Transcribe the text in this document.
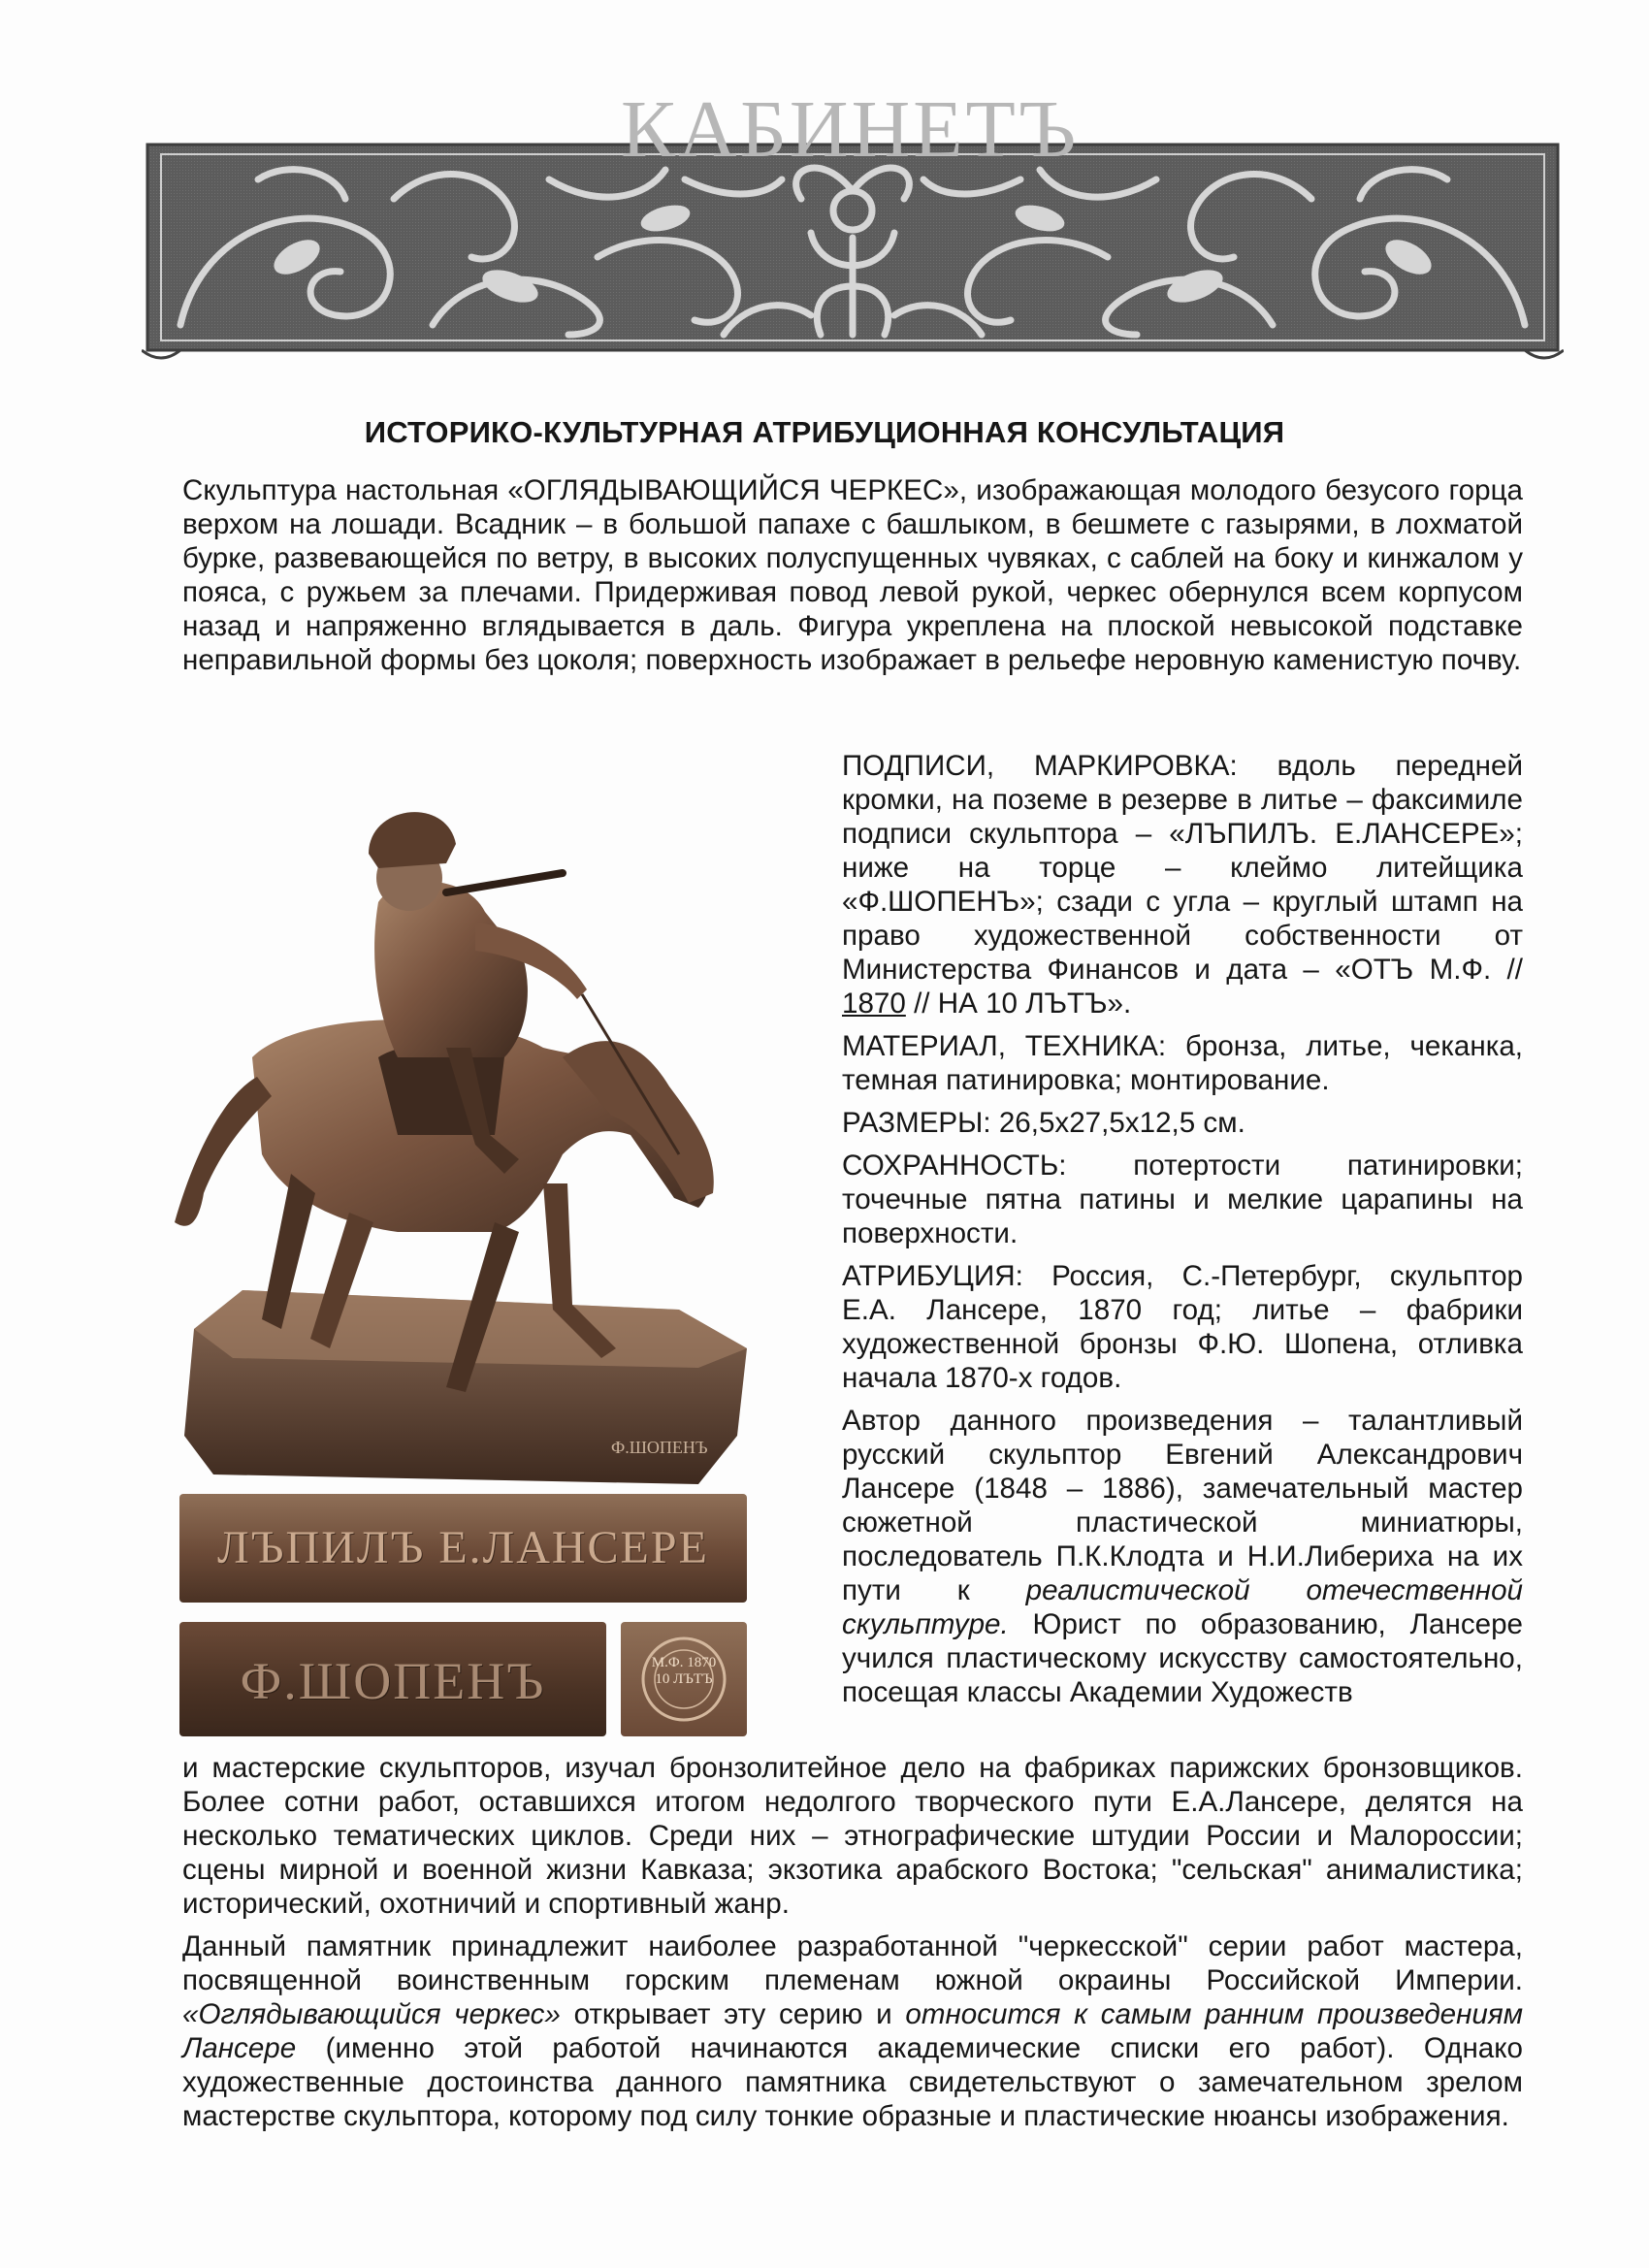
КАБИНЕТЪ
ИСТОРИКО-КУЛЬТУРНАЯ АТРИБУЦИОННАЯ КОНСУЛЬТАЦИЯ

Скульптура настольная «ОГЛЯДЫВАЮЩИЙСЯ ЧЕРКЕС», изображающая молодого безусого горца верхом на лошади. Всадник – в большой папахе с башлыком, в бешмете с газырями, в лохматой бурке, развевающейся по ветру, в высоких полуспущенных чувяках, с саблей на боку и кинжалом у пояса, с ружьем за плечами. Придерживая повод левой рукой, черкес обернулся всем корпусом назад и напряженно вглядывается в даль. Фигура укреплена на плоской невысокой подставке неправильной формы без цоколя; поверхность изображает в рельефе неровную каменистую почву.

Ф.ШОПЕНЪ
ЛЪПИЛЪ Е.ЛАНСЕРЕ
Ф.ШОПЕНЪ	М.Ф. 1870 10 ЛЪТЪ

ПОДПИСИ, МАРКИРОВКА: вдоль передней кромки, на поземе в резерве в литье – факсимиле подписи скульптора – «ЛЪПИЛЪ. Е.ЛАНСЕРЕ»; ниже на торце – клеймо литейщика «Ф.ШОПЕНЪ»; сзади с угла – круглый штамп на право художественной собственности от Министерства Финансов и дата – «ОТЪ М.Ф. // 1870 // НА 10 ЛЪТЪ».

МАТЕРИАЛ, ТЕХНИКА: бронза, литье, чеканка, темная патинировка; монтирование.

РАЗМЕРЫ: 26,5х27,5х12,5 см.

СОХРАННОСТЬ: потертости патинировки; точечные пятна патины и мелкие царапины на поверхности.

АТРИБУЦИЯ: Россия, С.-Петербург, скульптор Е.А. Лансере, 1870 год; литье – фабрики художественной бронзы Ф.Ю. Шопена, отливка начала 1870-х годов.

Автор данного произведения – талантливый русский скульптор Евгений Александрович Лансере (1848 – 1886), замечательный мастер сюжетной пластической миниатюры, последователь П.К.Клодта и Н.И.Либериха на их пути к реалистической отечественной скульптуре. Юрист по образованию, Лансере учился пластическому искусству самостоятельно, посещая классы Академии Художеств

и мастерские скульпторов, изучал бронзолитейное дело на фабриках парижских бронзовщиков. Более сотни работ, оставшихся итогом недолгого творческого пути Е.А.Лансере, делятся на несколько тематических циклов. Среди них – этнографические штудии России и Малороссии; сцены мирной и военной жизни Кавказа; экзотика арабского Востока; "сельская" анималистика; исторический, охотничий и спортивный жанр.

Данный памятник принадлежит наиболее разработанной "черкесской" серии работ мастера, посвященной воинственным горским племенам южной окраины Российской Империи. «Оглядывающийся черкес» открывает эту серию и относится к самым ранним произведениям Лансере (именно этой работой начинаются академические списки его работ). Однако художественные достоинства данного памятника свидетельствуют о замечательном зрелом мастерстве скульптора, которому под силу тонкие образные и пластические нюансы изображения.
